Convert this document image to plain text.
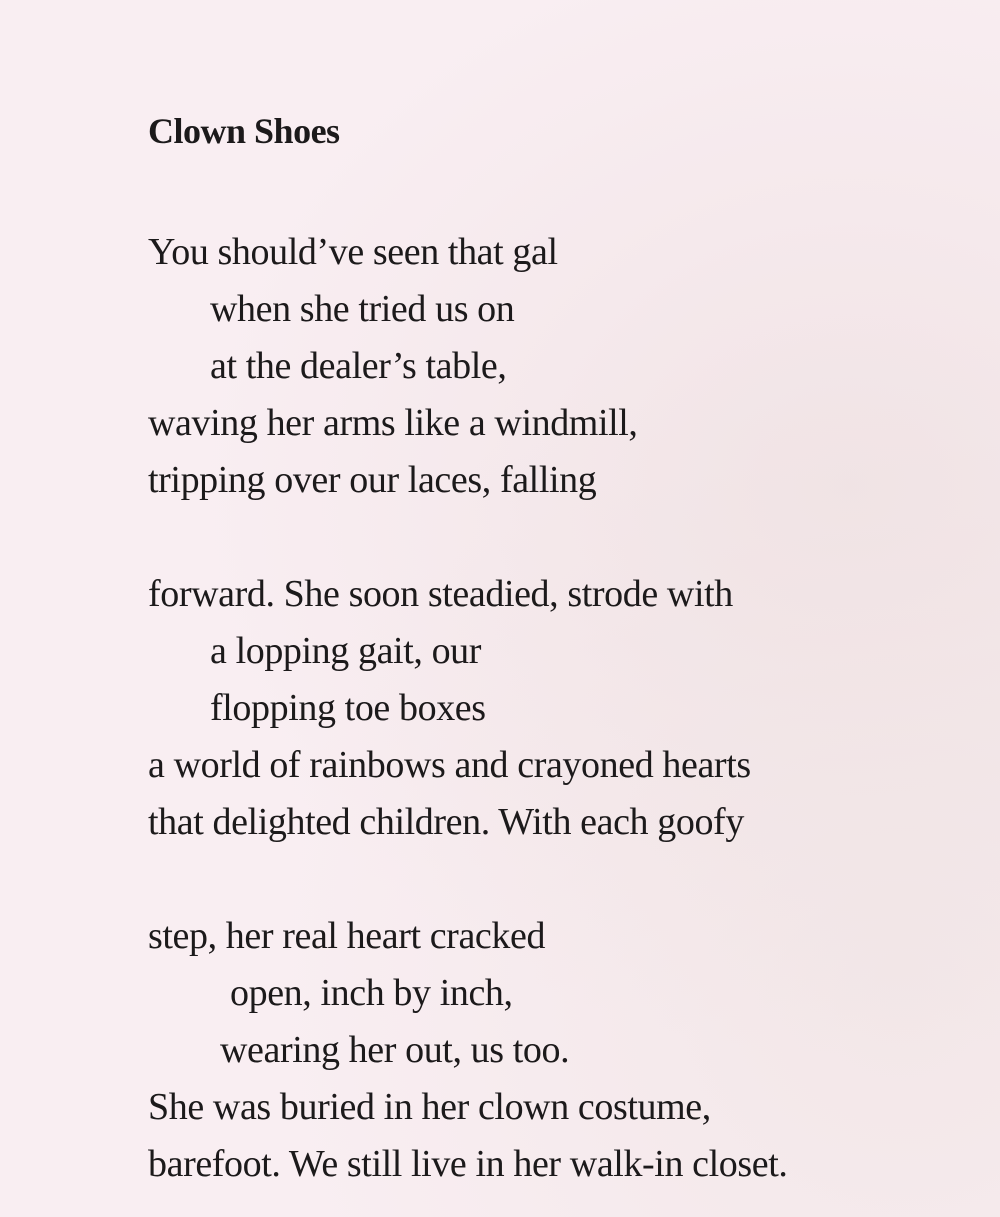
Clown Shoes
You should’ve seen that gal
when she tried us on
at the dealer’s table,
waving her arms like a windmill,
tripping over our laces, falling
forward. She soon steadied, strode with
a lopping gait, our
flopping toe boxes
a world of rainbows and crayoned hearts
that delighted children. With each goofy
step, her real heart cracked
open, inch by inch,
wearing her out, us too.
She was buried in her clown costume,
barefoot. We still live in her walk-in closet.
